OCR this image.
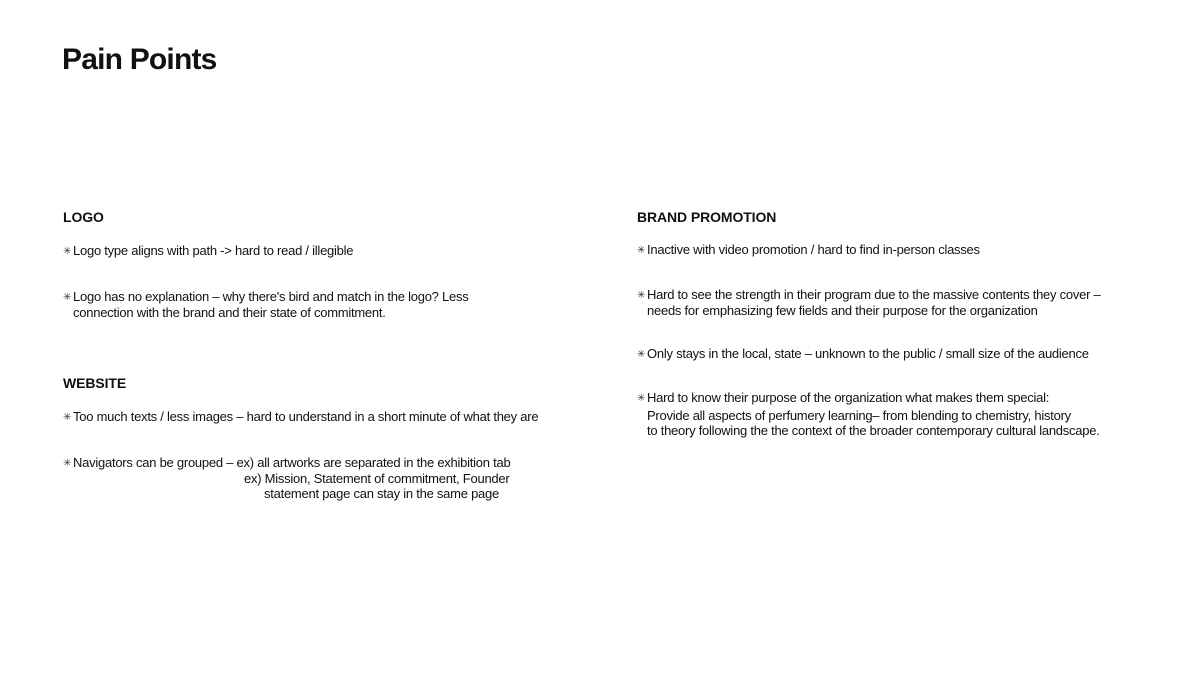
Pain Points
LOGO
✳ Logo type aligns with path -> hard to read / illegible
✳ Logo has no explanation – why there's bird and match in the logo? Less
connection with the brand and their state of commitment.
WEBSITE
✳ Too much texts / less images – hard to understand in a short minute of what they are
✳ Navigators can be grouped – ex) all artworks are separated in the exhibition tab
ex) Mission, Statement of commitment, Founder
statement page can stay in the same page
BRAND PROMOTION
✳ Inactive with video promotion / hard to find in-person classes
✳ Hard to see the strength in their program due to the massive contents they cover –
needs for emphasizing few fields and their purpose for the organization
✳ Only stays in the local, state – unknown to the public / small size of the audience
✳ Hard to know their purpose of the organization what makes them special:
Provide all aspects of perfumery learning– from blending to chemistry, history
to theory following the the context of the broader contemporary cultural landscape.
